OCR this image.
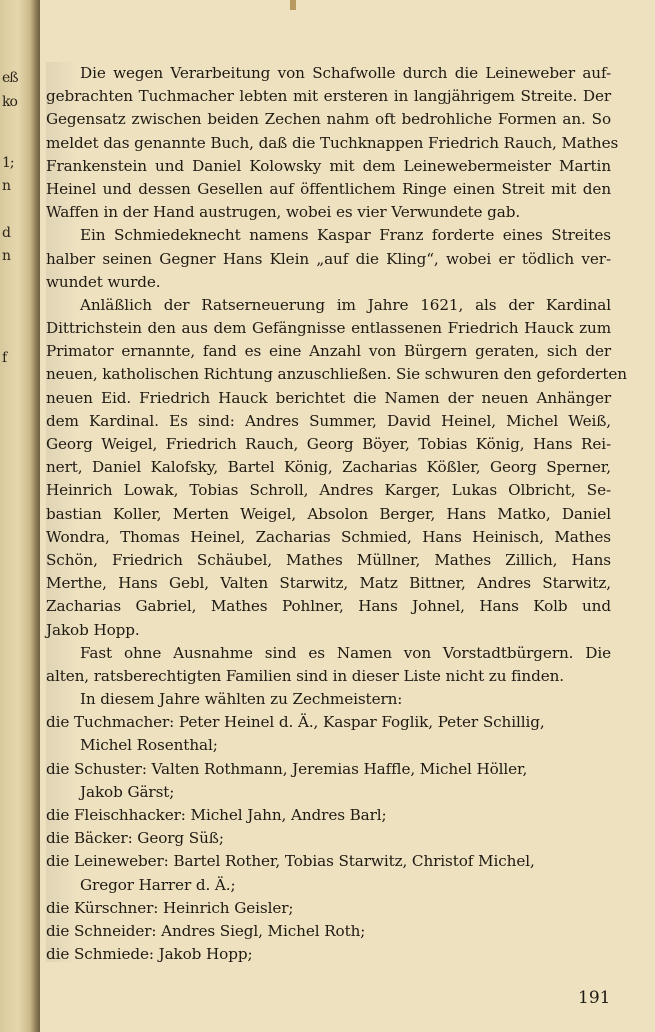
eß
ko
1;
n
d
n
f
Die wegen Verarbeitung von Schafwolle durch die Leineweber auf-
gebrachten Tuchmacher lebten mit ersteren in langjährigem Streite. Der
Gegensatz zwischen beiden Zechen nahm oft bedrohliche Formen an. So
meldet das genannte Buch, daß die Tuchknappen Friedrich Rauch, Mathes
Frankenstein und Daniel Kolowsky mit dem Leinewebermeister Martin
Heinel und dessen Gesellen auf öffentlichem Ringe einen Streit mit den
Waffen in der Hand austrugen, wobei es vier Verwundete gab.
Ein Schmiedeknecht namens Kaspar Franz forderte eines Streites
halber seinen Gegner Hans Klein „auf die Kling“, wobei er tödlich ver-
wundet wurde.
Anläßlich der Ratserneuerung im Jahre 1621, als der Kardinal
Dittrichstein den aus dem Gefängnisse entlassenen Friedrich Hauck zum
Primator ernannte, fand es eine Anzahl von Bürgern geraten, sich der
neuen, katholischen Richtung anzuschließen. Sie schwuren den geforderten
neuen Eid. Friedrich Hauck berichtet die Namen der neuen Anhänger
dem Kardinal. Es sind: Andres Summer, David Heinel, Michel Weiß,
Georg Weigel, Friedrich Rauch, Georg Böyer, Tobias König, Hans Rei-
nert, Daniel Kalofsky, Bartel König, Zacharias Kößler, Georg Sperner,
Heinrich Lowak, Tobias Schroll, Andres Karger, Lukas Olbricht, Se-
bastian Koller, Merten Weigel, Absolon Berger, Hans Matko, Daniel
Wondra, Thomas Heinel, Zacharias Schmied, Hans Heinisch, Mathes
Schön, Friedrich Schäubel, Mathes Müllner, Mathes Zillich, Hans
Merthe, Hans Gebl, Valten Starwitz, Matz Bittner, Andres Starwitz,
Zacharias Gabriel, Mathes Pohlner, Hans Johnel, Hans Kolb und
Jakob Hopp.
Fast ohne Ausnahme sind es Namen von Vorstadtbürgern. Die
alten, ratsberechtigten Familien sind in dieser Liste nicht zu finden.
In diesem Jahre wählten zu Zechmeistern:
die Tuchmacher: Peter Heinel d. Ä., Kaspar Foglik, Peter Schillig,
Michel Rosenthal;
die Schuster: Valten Rothmann, Jeremias Haffle, Michel Höller,
Jakob Gärst;
die Fleischhacker: Michel Jahn, Andres Barl;
die Bäcker: Georg Süß;
die Leineweber: Bartel Rother, Tobias Starwitz, Christof Michel,
Gregor Harrer d. Ä.;
die Kürschner: Heinrich Geisler;
die Schneider: Andres Siegl, Michel Roth;
die Schmiede: Jakob Hopp;
191
